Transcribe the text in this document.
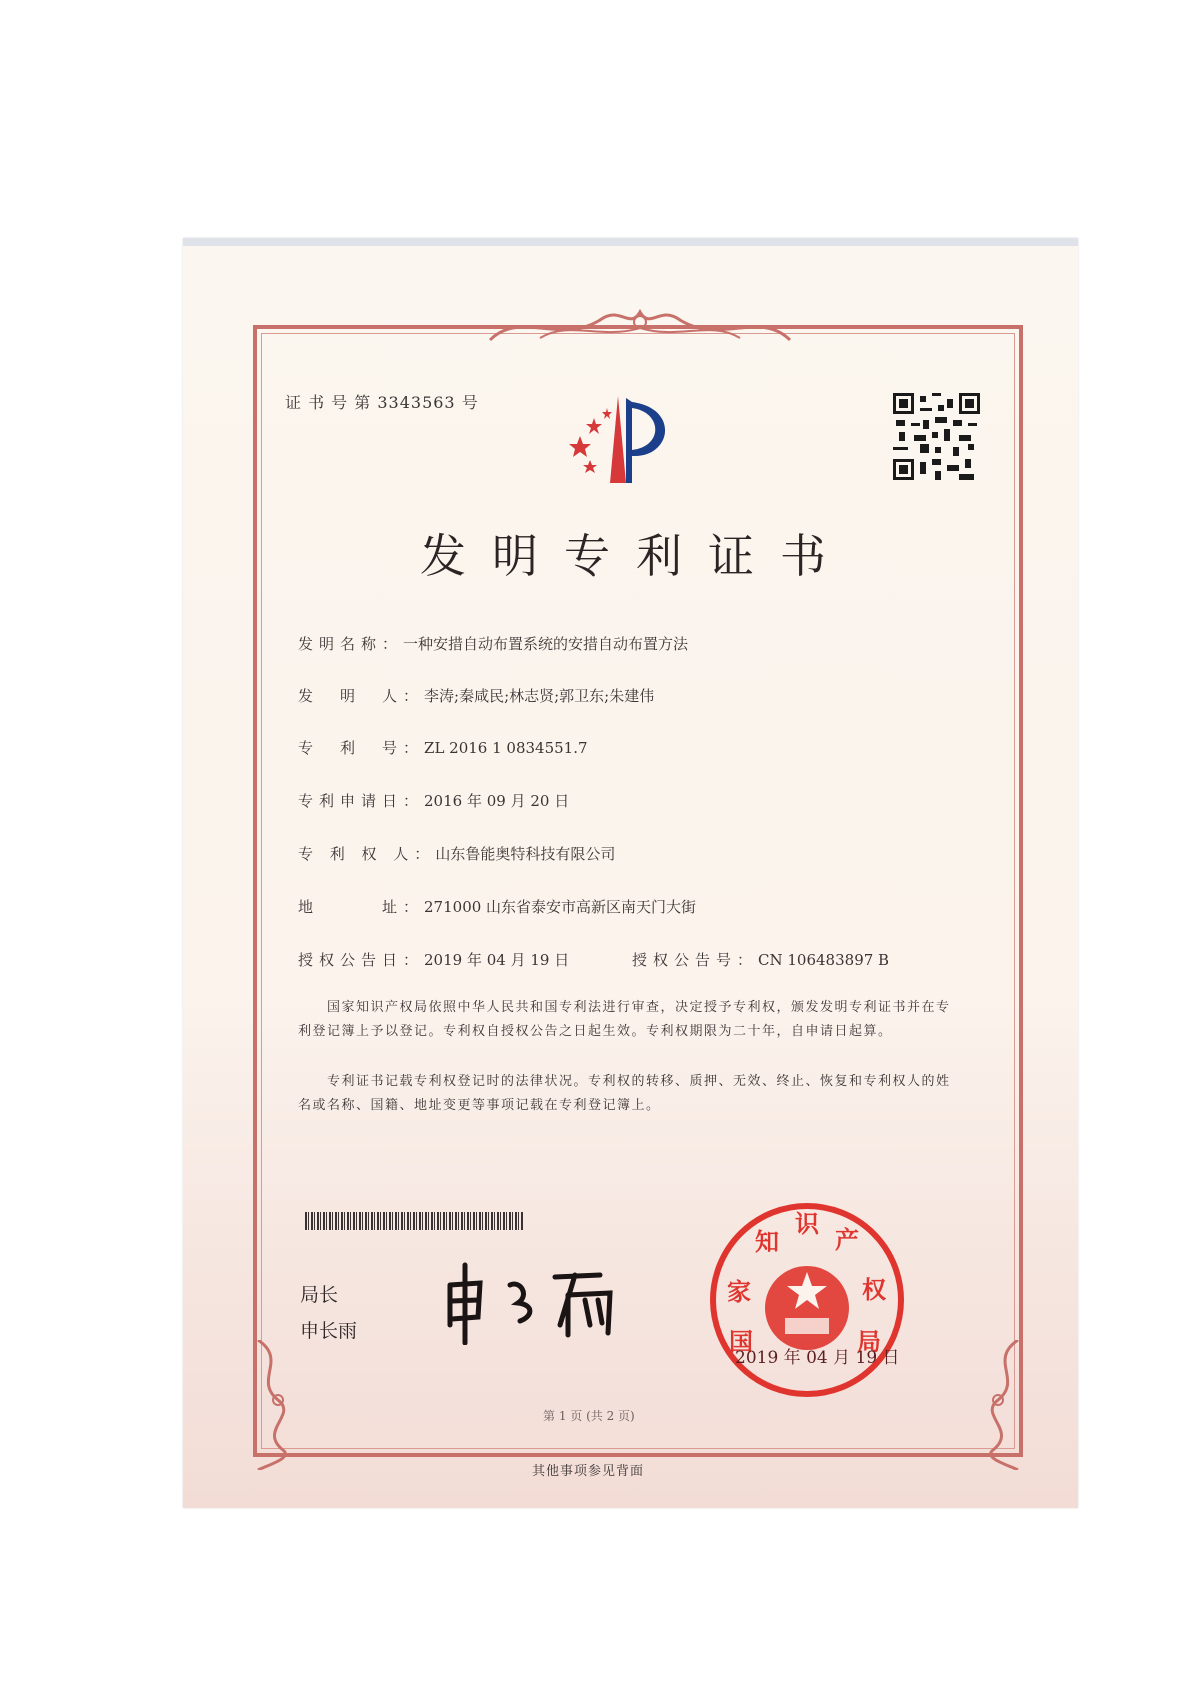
证 书 号 第 3343563 号
发明专利证书
发明名称：一种安措自动布置系统的安措自动布置方法
发　明　人：李涛;秦咸民;林志贤;郭卫东;朱建伟
专　利　号：ZL 2016 1 0834551.7
专利申请日：2016 年 09 月 20 日
专 利 权 人：山东鲁能奥特科技有限公司
地　　　址：271000 山东省泰安市高新区南天门大街
授权公告日：2019 年 04 月 19 日	授权公告号：CN 106483897 B
　　国家知识产权局依照中华人民共和国专利法进行审查，决定授予专利权，颁发发明专利证书并在专利登记簿上予以登记。专利权自授权公告之日起生效。专利权期限为二十年，自申请日起算。
　　专利证书记载专利权登记时的法律状况。专利权的转移、质押、无效、终止、恢复和专利权人的姓名或名称、国籍、地址变更等事项记载在专利登记簿上。
局长
申长雨	国
家
知
识
产
权
局
2019 年 04 月 19 日
第 1 页 (共 2 页)
其他事项参见背面
